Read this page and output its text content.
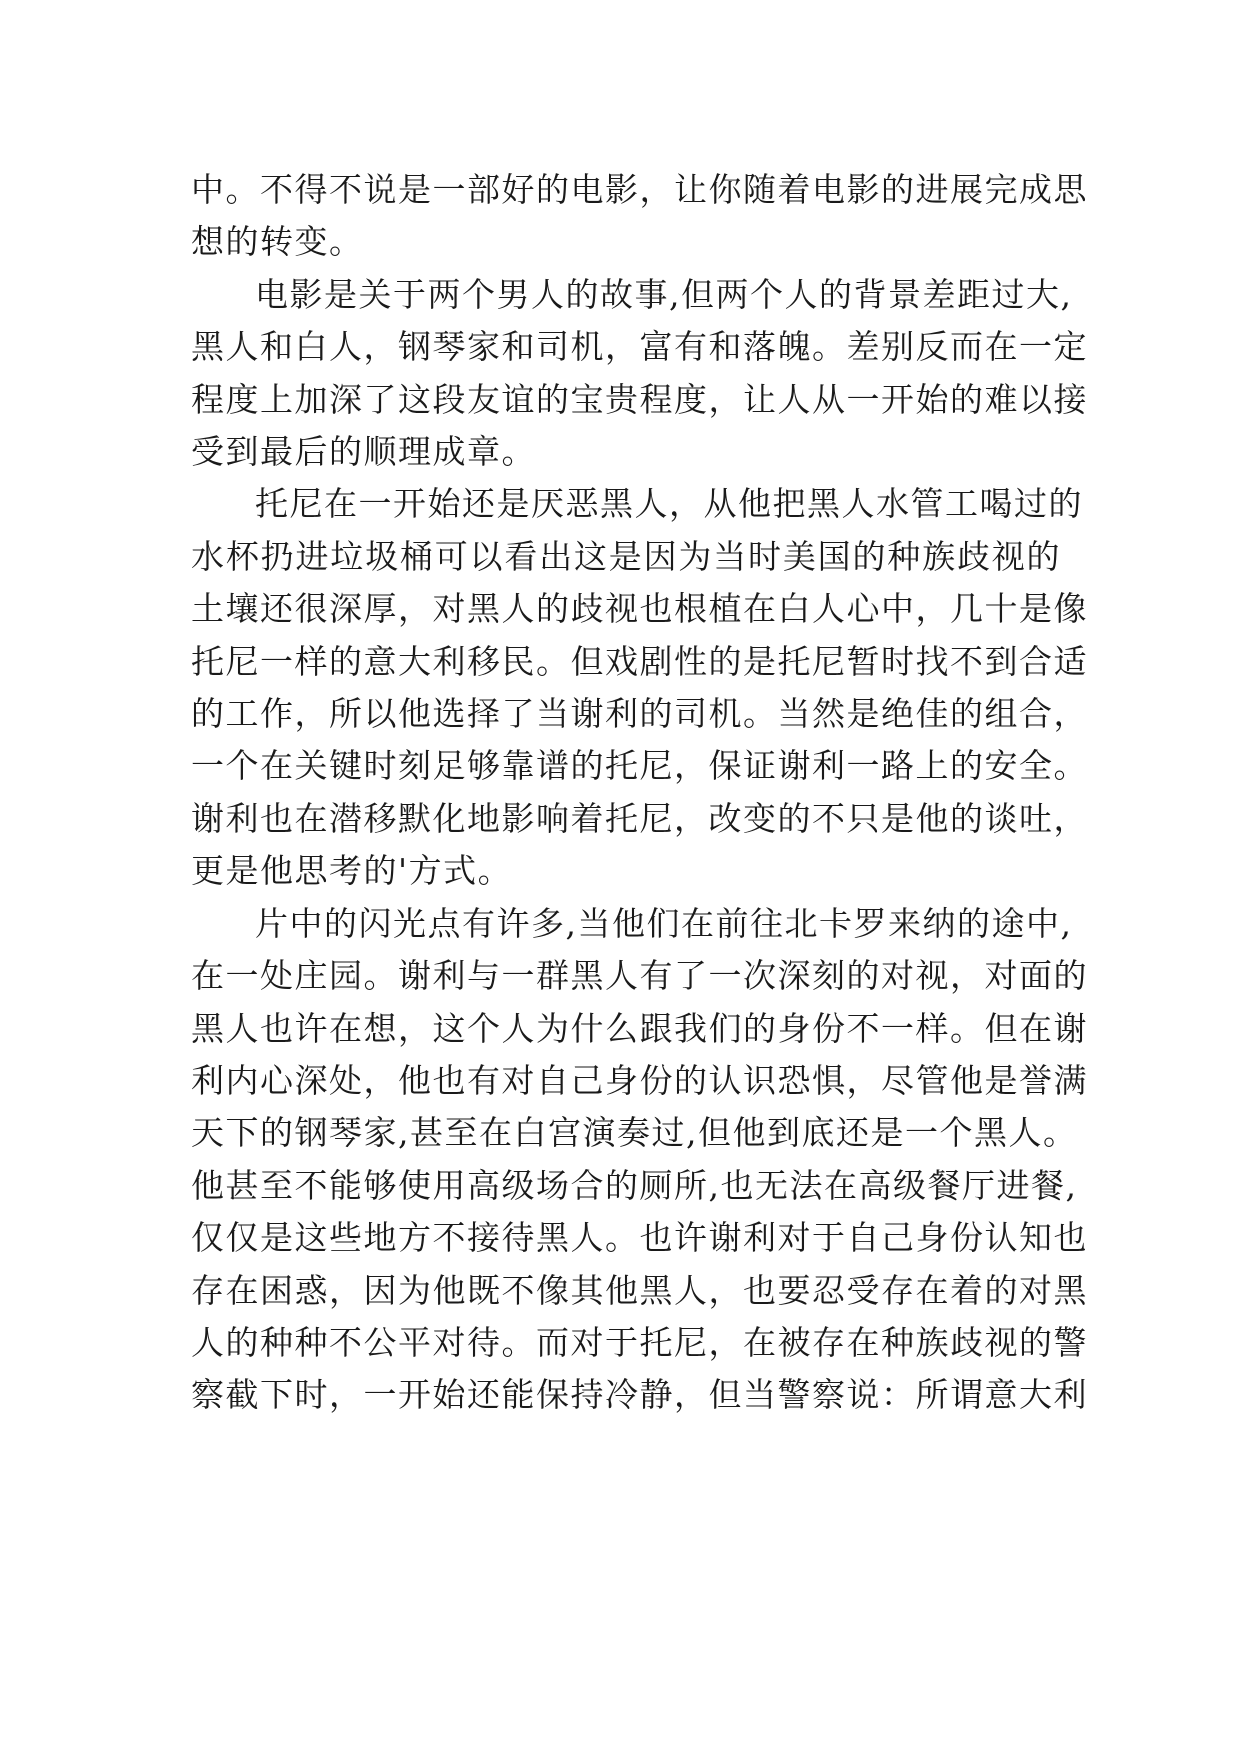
中。不得不说是一部好的电影，让你随着电影的进展完成思
想的转变。

电影是关于两个男人的故事,但两个人的背景差距过大,
黑人和白人，钢琴家和司机，富有和落魄。差别反而在一定
程度上加深了这段友谊的宝贵程度，让人从一开始的难以接
受到最后的顺理成章。

托尼在一开始还是厌恶黑人，从他把黑人水管工喝过的
水杯扔进垃圾桶可以看出这是因为当时美国的种族歧视的
土壤还很深厚，对黑人的歧视也根植在白人心中，几十是像
托尼一样的意大利移民。但戏剧性的是托尼暂时找不到合适
的工作，所以他选择了当谢利的司机。当然是绝佳的组合，
一个在关键时刻足够靠谱的托尼，保证谢利一路上的安全。
谢利也在潜移默化地影响着托尼，改变的不只是他的谈吐，
更是他思考的'方式。

片中的闪光点有许多,当他们在前往北卡罗来纳的途中,
在一处庄园。谢利与一群黑人有了一次深刻的对视，对面的
黑人也许在想，这个人为什么跟我们的身份不一样。但在谢
利内心深处，他也有对自己身份的认识恐惧，尽管他是誉满
天下的钢琴家,甚至在白宫演奏过,但他到底还是一个黑人。
他甚至不能够使用高级场合的厕所,也无法在高级餐厅进餐,
仅仅是这些地方不接待黑人。也许谢利对于自己身份认知也
存在困惑，因为他既不像其他黑人，也要忍受存在着的对黑
人的种种不公平对待。而对于托尼，在被存在种族歧视的警
察截下时，一开始还能保持冷静，但当警察说：所谓意大利
